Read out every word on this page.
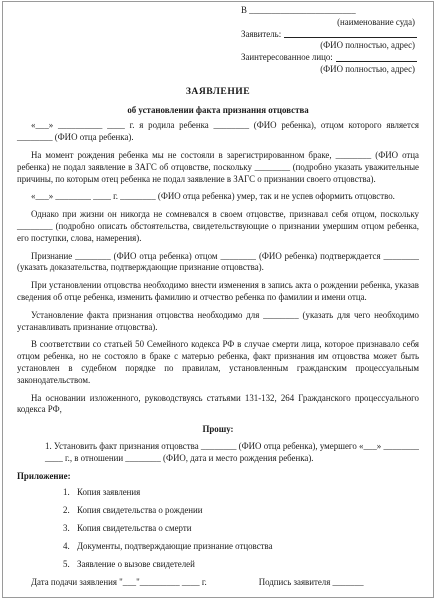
В ________________________
(наименование суда)
Заявитель:
(ФИО полностью, адрес)
Заинтересованное лицо:
(ФИО полностью, адрес)
ЗАЯВЛЕНИЕ
об установлении факта признания отцовства

«___» __________ ____ г. я родила ребенка ________ (ФИО ребенка), отцом которого является ________ (ФИО отца ребенка).

На момент рождения ребенка мы не состояли в зарегистрированном браке, ________ (ФИО отца ребенка) не подал заявление в ЗАГС об отцовстве, поскольку ________ (подробно указать уважительные причины, по которым отец ребенка не подал заявление в ЗАГС о признании своего отцовства).

«___» ________ ____ г. ________ (ФИО отца ребенка) умер, так и не успев оформить отцовство.

Однако при жизни он никогда не сомневался в своем отцовстве, признавал себя отцом, поскольку ________ (подробно описать обстоятельства, свидетельствующие о признании умершим отцом ребенка, его поступки, слова, намерения).

Признание ________ (ФИО отца ребенка) отцом ________ (ФИО ребенка) подтверждается ________ (указать доказательства, подтверждающие признание отцовства).

При установлении отцовства необходимо внести изменения в запись акта о рождении ребенка, указав сведения об отце ребенка, изменить фамилию и отчество ребенка по фамилии и имени отца.

Установление факта признания отцовства необходимо для ________ (указать для чего необходимо устанавливать признание отцовства).

В соответствии со статьей 50 Семейного кодекса РФ в случае смерти лица, которое признавало себя отцом ребенка, но не состояло в браке с матерью ребенка, факт признания им отцовства может быть установлен в судебном порядке по правилам, установленным гражданским процессуальным законодательством.

На основании изложенного, руководствуясь статьями 131-132, 264 Гражданского процессуального кодекса РФ,

Прошу:
1. Установить факт признания отцовства ________ (ФИО отца ребенка), умершего «___» ________ ____ г., в отношении ________ (ФИО, дата и место рождения ребенка).
Приложение:
1. Копия заявления
2. Копия свидетельства о рождении
3. Копия свидетельства о смерти
4. Документы, подтверждающие признание отцовства
5. Заявление о вызове свидетелей
Дата подачи заявления "___"_________ ____ г.	Подпись заявителя _______
